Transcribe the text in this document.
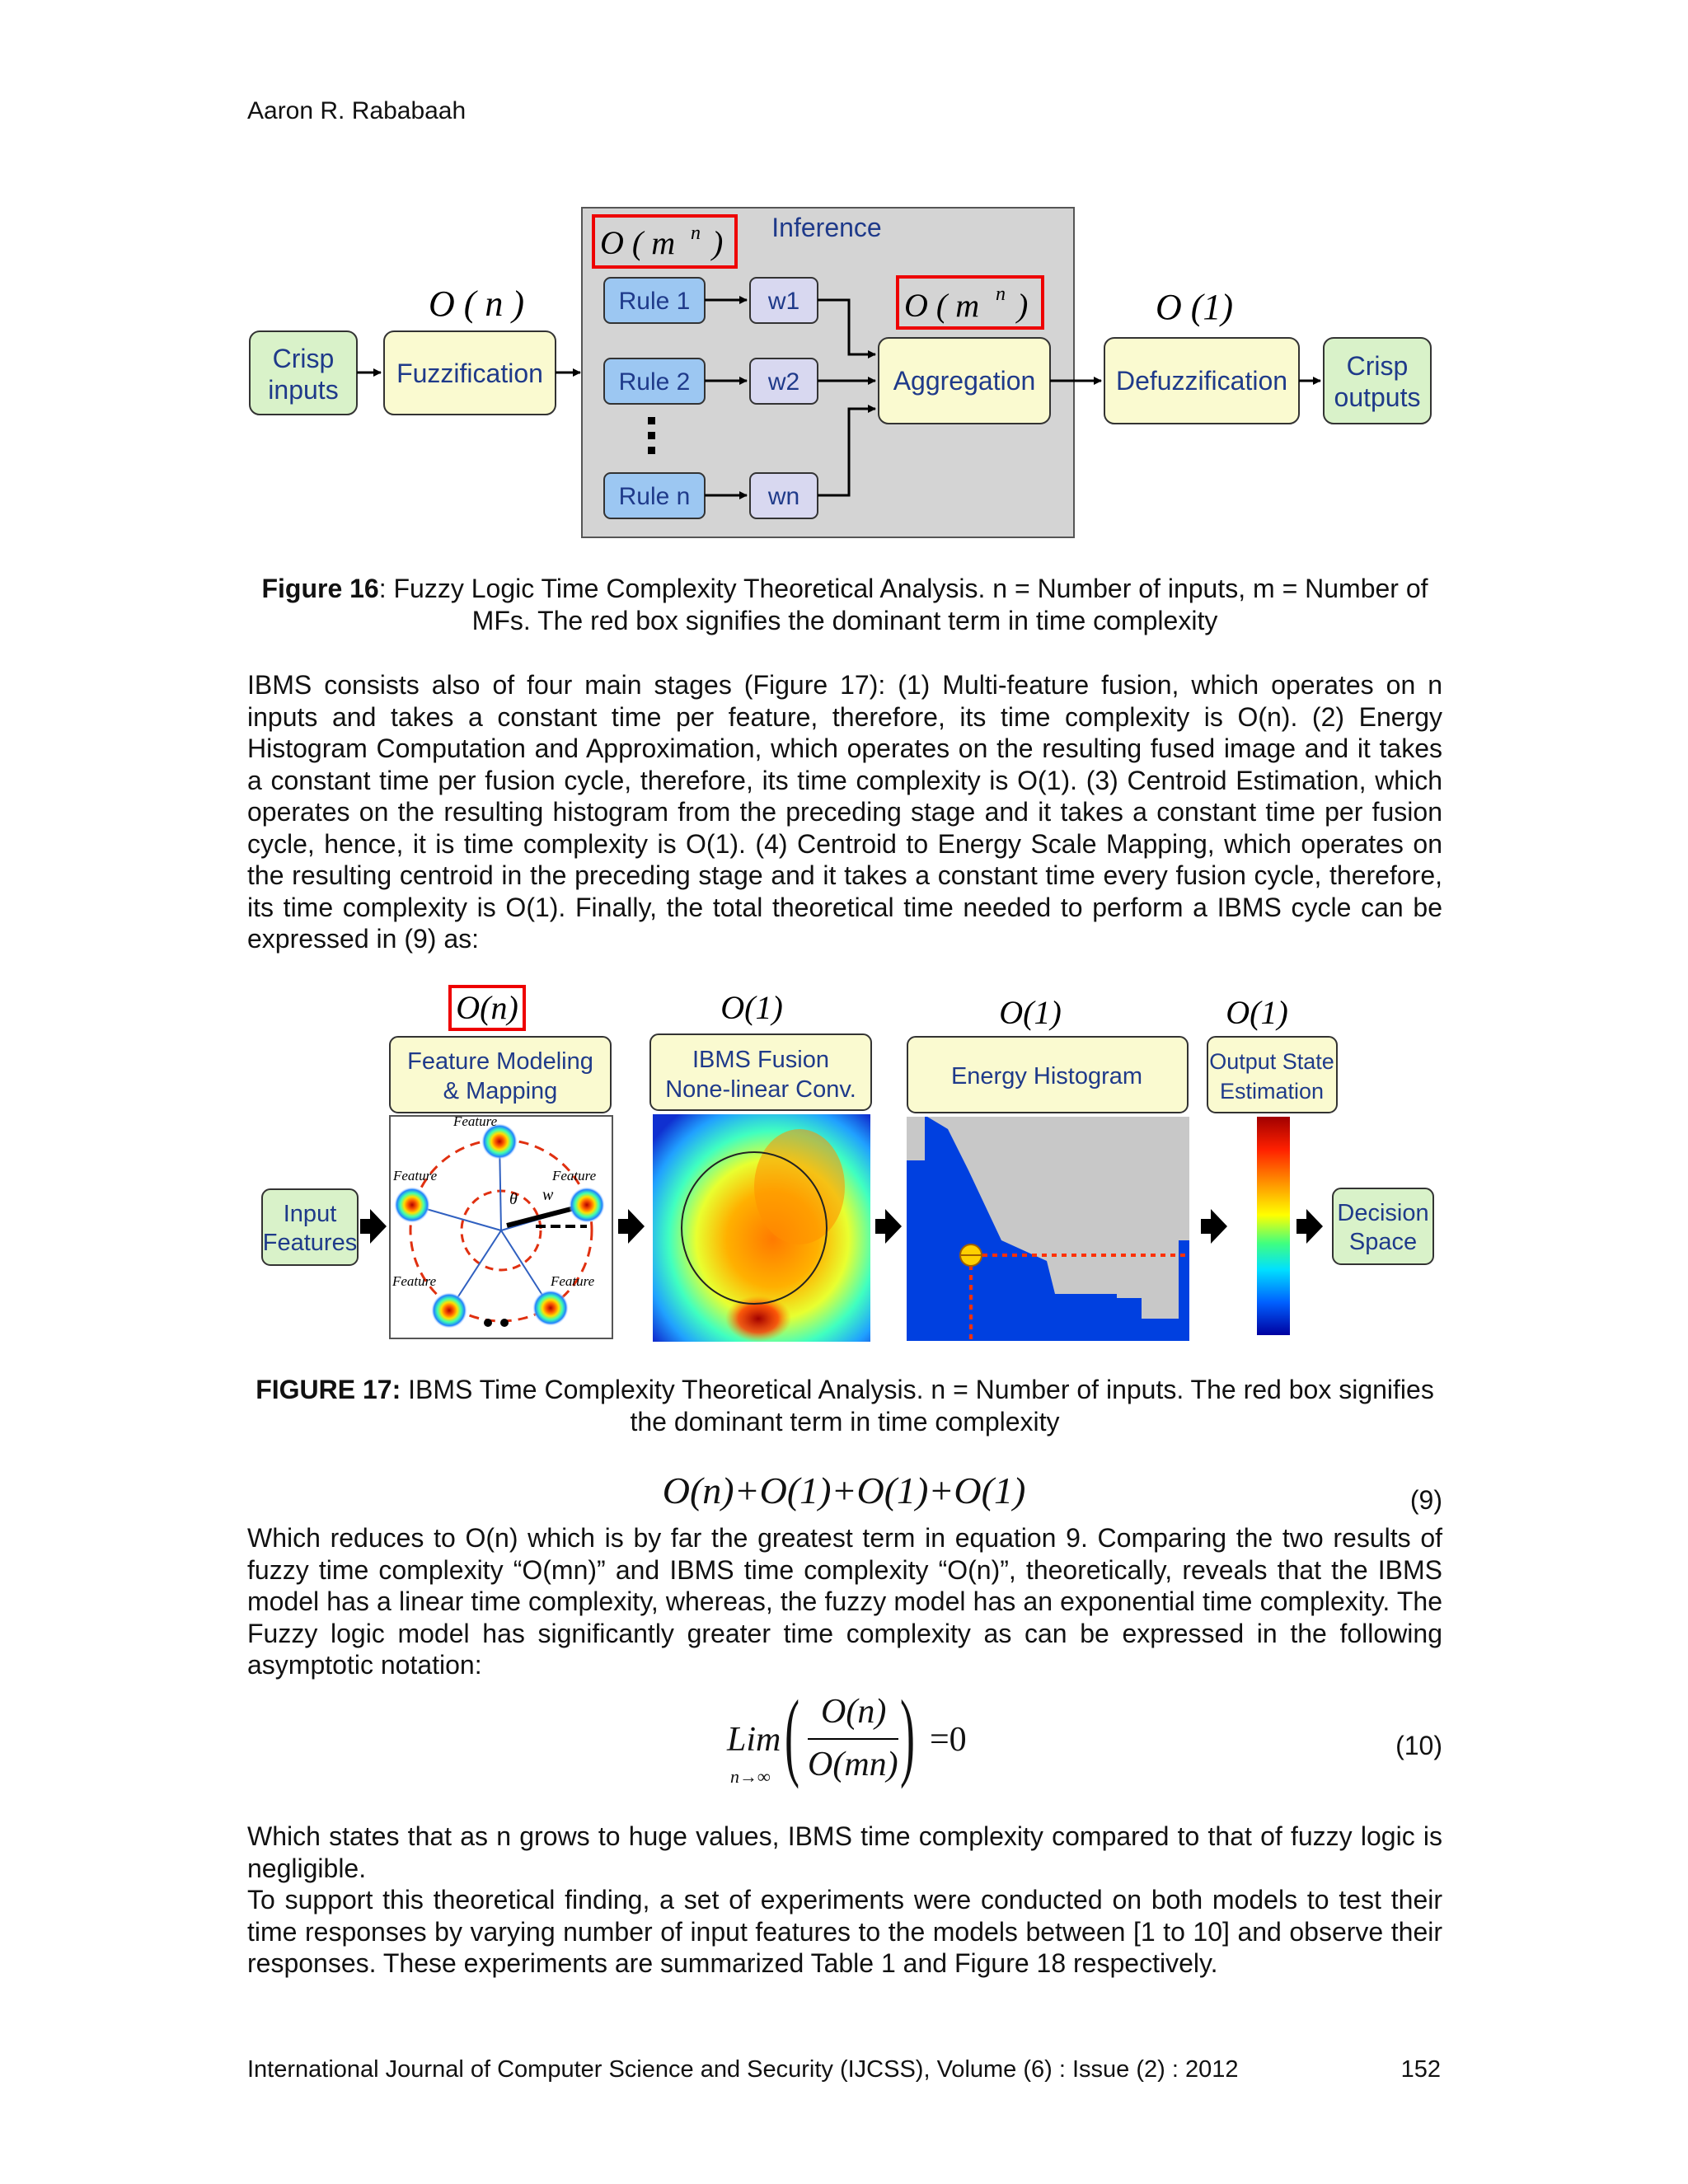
Aaron R. Rababaah
Inference
O ( m n )
Crisp
inputs
O ( n )
Fuzzification
Rule 1
Rule 2
Rule n
w1
w2
wn
O ( m n )
Aggregation
O (1)
Defuzzification Crisp
outputs
Figure 16: Fuzzy Logic Time Complexity Theoretical Analysis. n = Number of inputs, m = Number of MFs. The red box signifies the dominant term in time complexity
IBMS consists also of four main stages (Figure 17): (1) Multi-feature fusion, which operates on n inputs and takes a constant time per feature, therefore, its time complexity is O(n). (2) Energy Histogram Computation and Approximation, which operates on the resulting fused image and it takes a constant time per fusion cycle, therefore, its time complexity is O(1). (3) Centroid Estimation, which operates on the resulting histogram from the preceding stage and it takes a constant time per fusion cycle, hence, it is time complexity is O(1). (4) Centroid to Energy Scale Mapping, which operates on the resulting centroid in the preceding stage and it takes a constant time every fusion cycle, therefore, its time complexity is O(1). Finally, the total theoretical time needed to perform a IBMS cycle can be expressed in (9) as:
O(n)	O(1)	O(1)	O(1)
Feature Modeling
& Mapping
IBMS Fusion
None-linear Conv.	Energy Histogram
Output State
Estimation
Input
Features
Feature
Feature	Feature
Feature	Feature
θ w
Decision
Space
FIGURE 17: IBMS Time Complexity Theoretical Analysis. n = Number of inputs. The red box signifies the dominant term in time complexity
O(n)+O(1)+O(1)+O(1)	(9)
Which reduces to O(n) which is by far the greatest term in equation 9. Comparing the two results of fuzzy time complexity “O(mn)” and IBMS time complexity “O(n)”, theoretically, reveals that the IBMS model has a linear time complexity, whereas, the fuzzy model has an exponential time complexity. The Fuzzy logic model has significantly greater time complexity as can be expressed in the following asymptotic notation:
Lim
n→∞ ( O(n)
O(mn) ) =0	(10)
Which states that as n grows to huge values, IBMS time complexity compared to that of fuzzy logic is negligible.
To support this theoretical finding, a set of experiments were conducted on both models to test their time responses by varying number of input features to the models between [1 to 10] and observe their responses. These experiments are summarized Table 1 and Figure 18 respectively.
International Journal of Computer Science and Security (IJCSS), Volume (6) : Issue (2) : 2012	152
